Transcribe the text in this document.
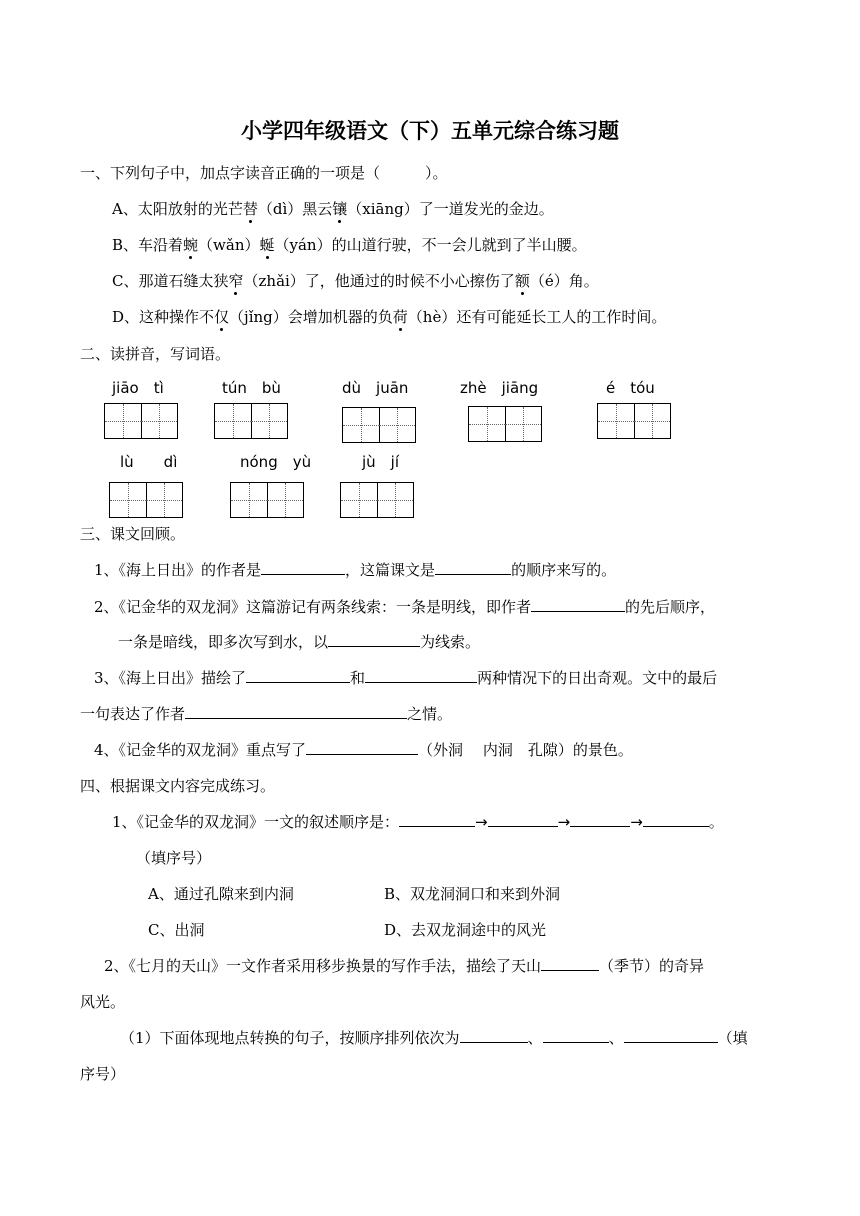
小学四年级语文（下）五单元综合练习题
一、下列句子中，加点字读音正确的一项是（　　　）。
A、太阳放射的光芒替（dì）黑云镶（xiāng）了一道发光的金边。
B、车沿着蜿（wǎn）蜒（yán）的山道行驶，不一会儿就到了半山腰。
C、那道石缝太狭窄（zhǎi）了，他通过的时候不小心擦伤了额（é）角。
D、这种操作不仅（jǐng）会增加机器的负荷（hè）还有可能延长工人的工作时间。
二、读拼音，写词语。
jiāo　tì	tún　bù	dù　juān	zhè　jiāng	é　tóu
lù　　dì	nóng　yù	jù　jí
三、课文回顾。
1、《海上日出》的作者是	，这篇课文是	的顺序来写的。
2、《记金华的双龙洞》这篇游记有两条线索：一条是明线，即作者	的先后顺序，
一条是暗线，即多次写到水，以	为线索。
3、《海上日出》描绘了	和	两种情况下的日出奇观。文中的最后
一句表达了作者	之情。
4、《记金华的双龙洞》重点写了	（外洞　 内洞　孔隙）的景色。
四、根据课文内容完成练习。
1、《记金华的双龙洞》一文的叙述顺序是：	→	→	→	。
（填序号）
A、通过孔隙来到内洞	B、双龙洞洞口和来到外洞
C、出洞	D、去双龙洞途中的风光
2、《七月的天山》一文作者采用移步换景的写作手法，描绘了天山	（季节）的奇异
风光。
（1）下面体现地点转换的句子，按顺序排列依次为	、	、	（填
序号）
